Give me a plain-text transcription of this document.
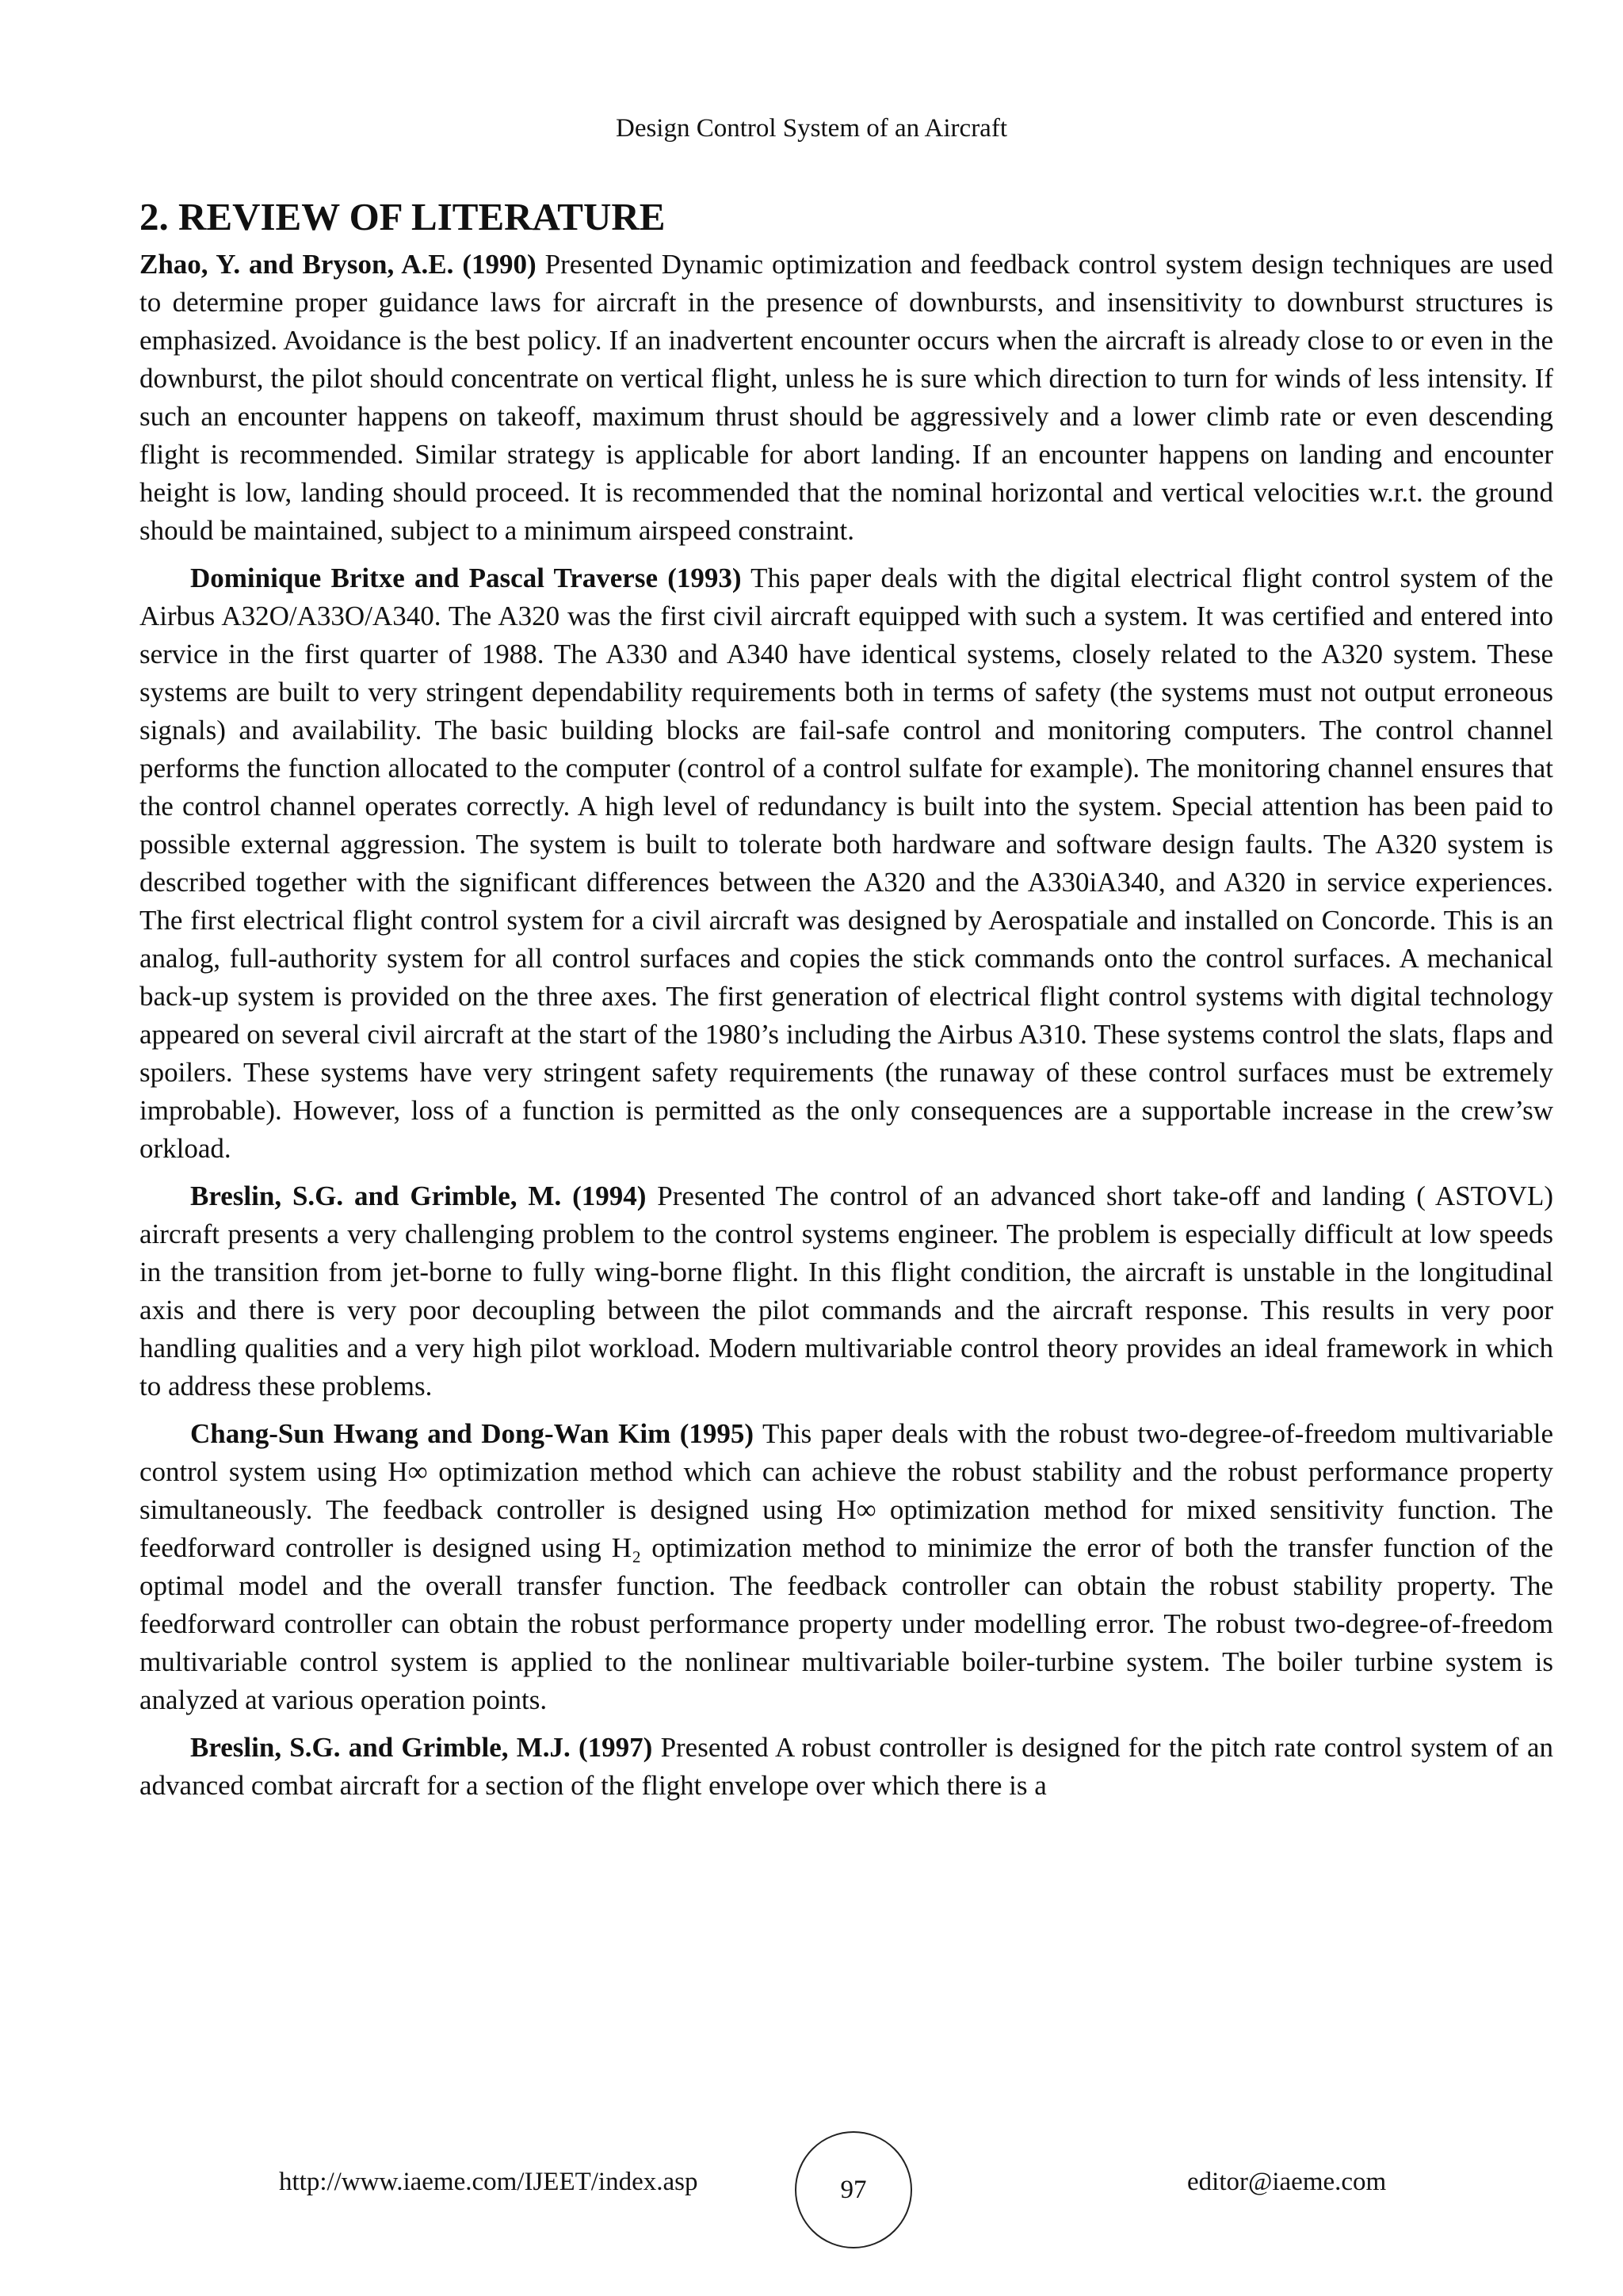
Design Control System of an Aircraft
2. REVIEW OF LITERATURE

Zhao, Y. and Bryson, A.E. (1990) Presented Dynamic optimization and feedback control system design techniques are used to determine proper guidance laws for aircraft in the presence of downbursts, and insensitivity to downburst structures is emphasized. Avoidance is the best policy. If an inadvertent encounter occurs when the aircraft is already close to or even in the downburst, the pilot should concentrate on vertical flight, unless he is sure which direction to turn for winds of less intensity. If such an encounter happens on takeoff, maximum thrust should be aggressively and a lower climb rate or even descending flight is recommended. Similar strategy is applicable for abort landing. If an encounter happens on landing and encounter height is low, landing should proceed. It is recommended that the nominal horizontal and vertical velocities w.r.t. the ground should be maintained, subject to a minimum airspeed constraint.

Dominique Britxe and Pascal Traverse (1993) This paper deals with the digital electrical flight control system of the Airbus A32O/A33O/A340. The A320 was the first civil aircraft equipped with such a system. It was certified and entered into service in the first quarter of 1988. The A330 and A340 have identical systems, closely related to the A320 system. These systems are built to very stringent dependability requirements both in terms of safety (the systems must not output erroneous signals) and availability. The basic building blocks are fail-safe control and monitoring computers. The control channel performs the function allocated to the computer (control of a control sulfate for example). The monitoring channel ensures that the control channel operates correctly. A high level of redundancy is built into the system. Special attention has been paid to possible external aggression. The system is built to tolerate both hardware and software design faults. The A320 system is described together with the significant differences between the A320 and the A330iA340, and A320 in service experiences. The first electrical flight control system for a civil aircraft was designed by Aerospatiale and installed on Concorde. This is an analog, full-authority system for all control surfaces and copies the stick commands onto the control surfaces. A mechanical back-up system is provided on the three axes. The first generation of electrical flight control systems with digital technology appeared on several civil aircraft at the start of the 1980’s including the Airbus A310. These systems control the slats, flaps and spoilers. These systems have very stringent safety requirements (the runaway of these control surfaces must be extremely improbable). However, loss of a function is permitted as the only consequences are a supportable increase in the crew’sw orkload.

Breslin, S.G. and Grimble, M. (1994) Presented The control of an advanced short take-off and landing ( ASTOVL) aircraft presents a very challenging problem to the control systems engineer. The problem is especially difficult at low speeds in the transition from jet-borne to fully wing-borne flight. In this flight condition, the aircraft is unstable in the longitudinal axis and there is very poor decoupling between the pilot commands and the aircraft response. This results in very poor handling qualities and a very high pilot workload. Modern multivariable control theory provides an ideal framework in which to address these problems.

Chang-Sun Hwang and Dong-Wan Kim (1995) This paper deals with the robust two-degree-of-freedom multivariable control system using H∞ optimization method which can achieve the robust stability and the robust performance property simultaneously. The feedback controller is designed using H∞ optimization method for mixed sensitivity function. The feedforward controller is designed using H₂ optimization method to minimize the error of both the transfer function of the optimal model and the overall transfer function. The feedback controller can obtain the robust stability property. The feedforward controller can obtain the robust performance property under modelling error. The robust two-degree-of-freedom multivariable control system is applied to the nonlinear multivariable boiler-turbine system. The boiler turbine system is analyzed at various operation points.

Breslin, S.G. and Grimble, M.J. (1997) Presented A robust controller is designed for the pitch rate control system of an advanced combat aircraft for a section of the flight envelope over which there is a

http://www.iaeme.com/IJEET/index.asp	97	editor@iaeme.com
